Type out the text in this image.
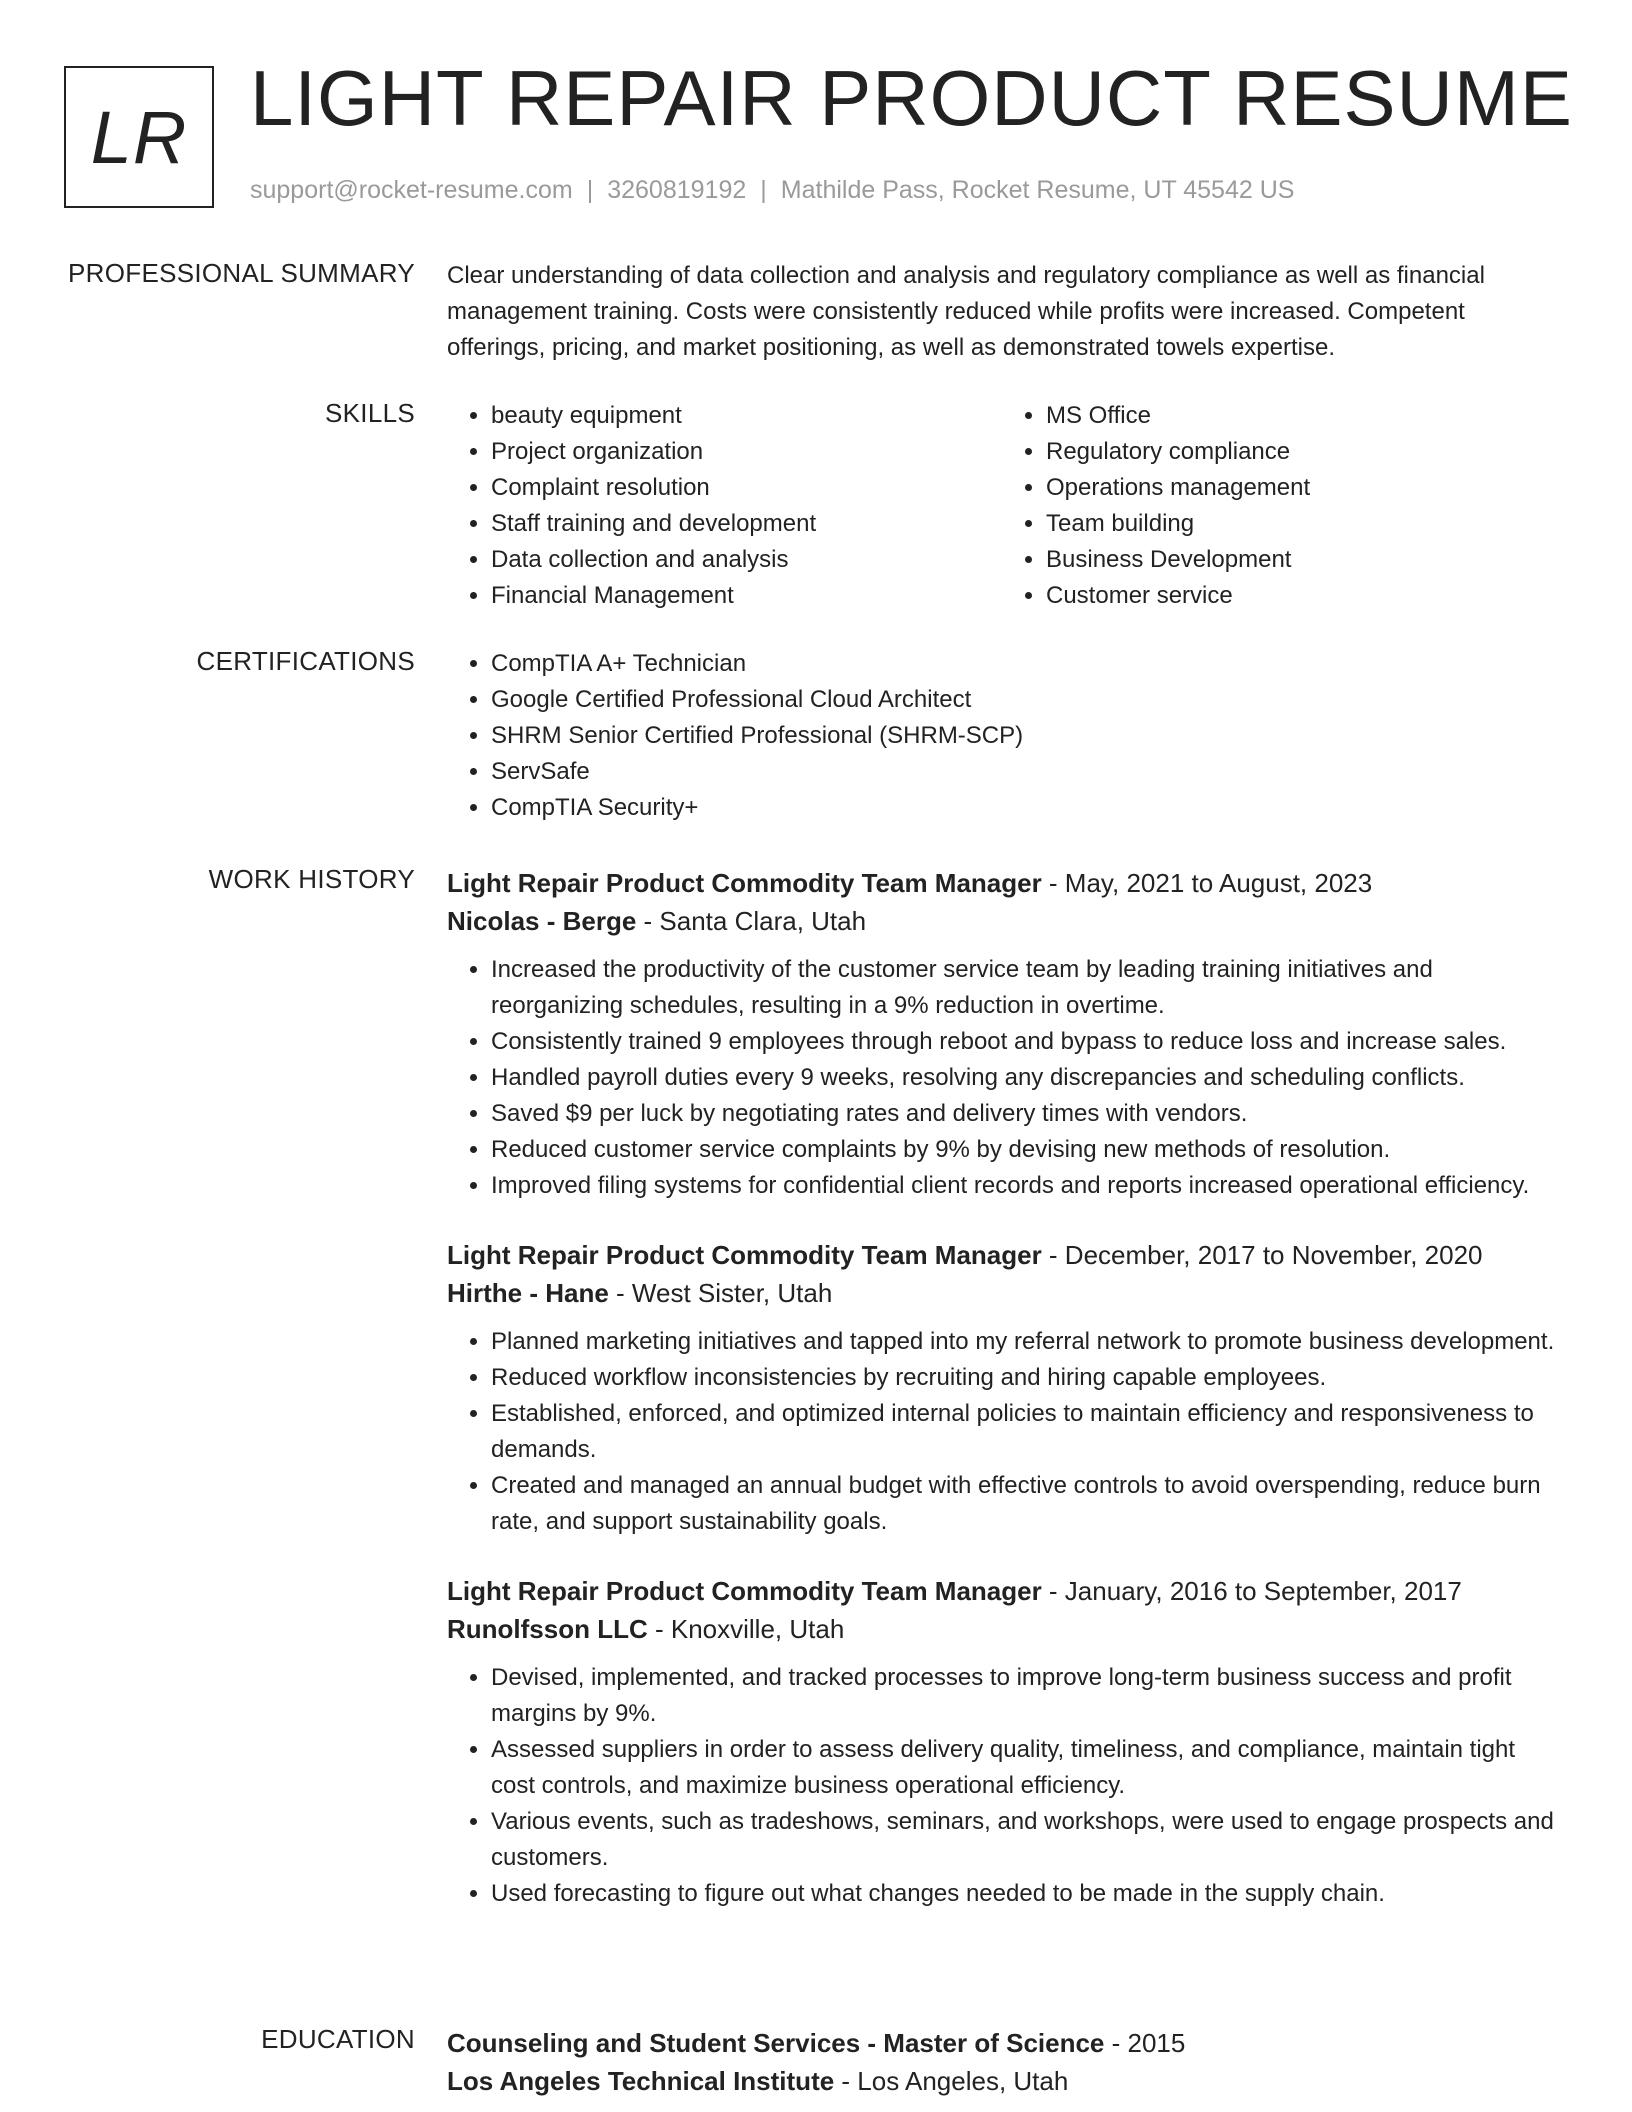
LR LIGHT REPAIR PRODUCT RESUME
support@rocket-resume.com | 3260819192 | Mathilde Pass, Rocket Resume, UT 45542 US
PROFESSIONAL SUMMARY Clear understanding of data collection and analysis and regulatory compliance as well as financial management training. Costs were consistently reduced while profits were increased. Competent offerings, pricing, and market positioning, as well as demonstrated towels expertise.

SKILLS	• beauty equipment
• Project organization
• Complaint resolution
• Staff training and development
• Data collection and analysis
• Financial Management
• MS Office
• Regulatory compliance
• Operations management
• Team building
• Business Development
• Customer service
CERTIFICATIONS	• CompTIA A+ Technician
• Google Certified Professional Cloud Architect
• SHRM Senior Certified Professional (SHRM-SCP)
• ServSafe
• CompTIA Security+
WORK HISTORY Light Repair Product Commodity Team Manager - May, 2021 to August, 2023
Nicolas - Berge - Santa Clara, Utah
• Increased the productivity of the customer service team by leading training initiatives and reorganizing schedules, resulting in a 9% reduction in overtime.
• Consistently trained 9 employees through reboot and bypass to reduce loss and increase sales.
• Handled payroll duties every 9 weeks, resolving any discrepancies and scheduling conflicts.
• Saved $9 per luck by negotiating rates and delivery times with vendors.
• Reduced customer service complaints by 9% by devising new methods of resolution.
• Improved filing systems for confidential client records and reports increased operational efficiency.
Light Repair Product Commodity Team Manager - December, 2017 to November, 2020
Hirthe - Hane - West Sister, Utah
• Planned marketing initiatives and tapped into my referral network to promote business development.
• Reduced workflow inconsistencies by recruiting and hiring capable employees.
• Established, enforced, and optimized internal policies to maintain efficiency and responsiveness to demands.
• Created and managed an annual budget with effective controls to avoid overspending, reduce burn rate, and support sustainability goals.
Light Repair Product Commodity Team Manager - January, 2016 to September, 2017
Runolfsson LLC - Knoxville, Utah
• Devised, implemented, and tracked processes to improve long-term business success and profit margins by 9%.
• Assessed suppliers in order to assess delivery quality, timeliness, and compliance, maintain tight cost controls, and maximize business operational efficiency.
• Various events, such as tradeshows, seminars, and workshops, were used to engage prospects and customers.
• Used forecasting to figure out what changes needed to be made in the supply chain.
EDUCATION Counseling and Student Services - Master of Science - 2015
Los Angeles Technical Institute - Los Angeles, Utah
